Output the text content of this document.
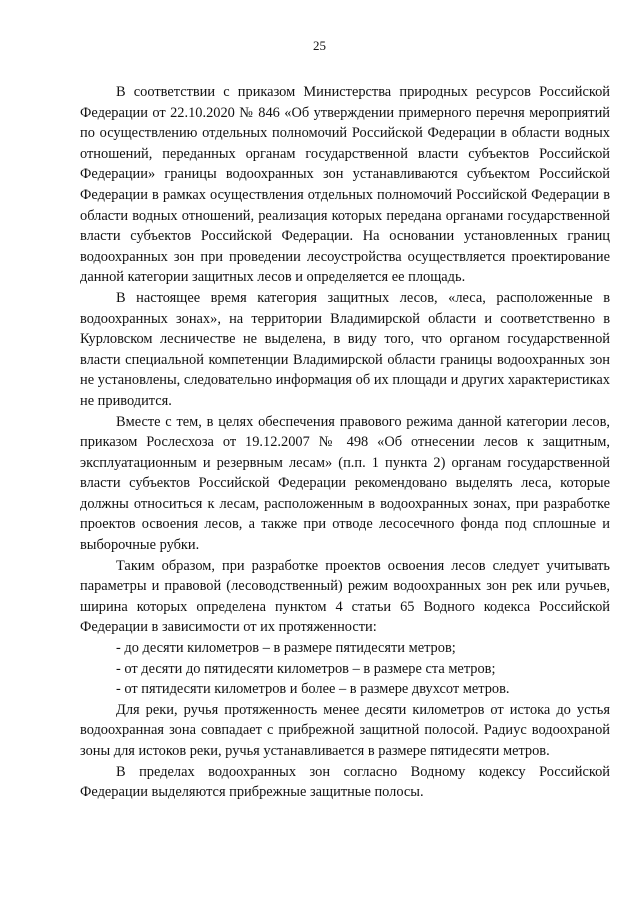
25

В соответствии с приказом Министерства природных ресурсов Российской Федерации от 22.10.2020 № 846 «Об утверждении примерного перечня мероприятий по осуществлению отдельных полномочий Российской Федерации в области водных отношений, переданных органам государственной власти субъектов Российской Федерации» границы водоохранных зон устанавливаются субъектом Российской Федерации в рамках осуществления отдельных полномочий Российской Федерации в области водных отношений, реализация которых передана органами государственной власти субъектов Российской Федерации. На основании установленных границ водоохранных зон при проведении лесоустройства осуществляется проектирование данной категории защитных лесов и определяется ее площадь.

В настоящее время категория защитных лесов, «леса, расположенные в водоохранных зонах», на территории Владимирской области и соответственно в Курловском лесничестве не выделена, в виду того, что органом государственной власти специальной компетенции Владимирской области границы водоохранных зон не установлены, следовательно информация об их площади и других характеристиках не приводится.

Вместе с тем, в целях обеспечения правового режима данной категории лесов, приказом Рослесхоза от 19.12.2007 № 498 «Об отнесении лесов к защитным, эксплуатационным и резервным лесам» (п.п. 1 пункта 2) органам государственной власти субъектов Российской Федерации рекомендовано выделять леса, которые должны относиться к лесам, расположенным в водоохранных зонах, при разработке проектов освоения лесов, а также при отводе лесосечного фонда под сплошные и выборочные рубки.

Таким образом, при разработке проектов освоения лесов следует учитывать параметры и правовой (лесоводственный) режим водоохранных зон рек или ручьев, ширина которых определена пунктом 4 статьи 65 Водного кодекса Российской Федерации в зависимости от их протяженности:

- до десяти километров – в размере пятидесяти метров;
- от десяти до пятидесяти километров – в размере ста метров;
- от пятидесяти километров и более – в размере двухсот метров.

Для реки, ручья протяженность менее десяти километров от истока до устья водоохранная зона совпадает с прибрежной защитной полосой. Радиус водоохраной зоны для истоков реки, ручья устанавливается в размере пятидесяти метров.

В пределах водоохранных зон согласно Водному кодексу Российской Федерации выделяются прибрежные защитные полосы.
